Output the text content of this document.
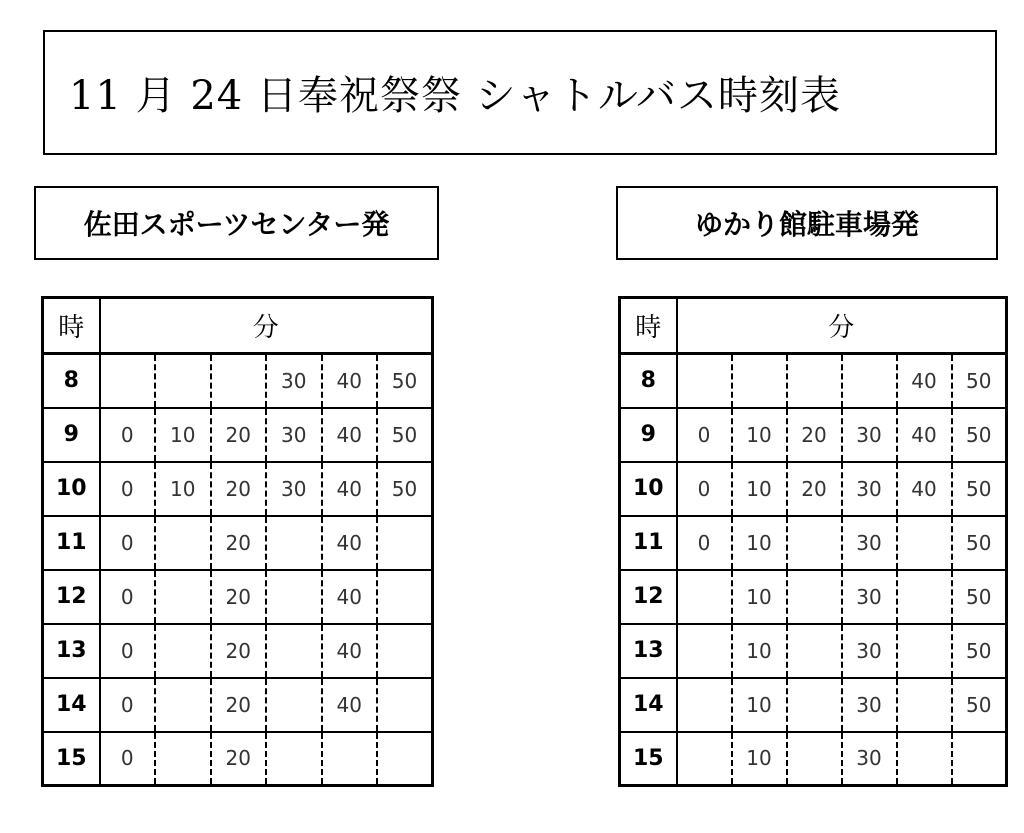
11 月 24 日奉祝祭祭 シャトルバス時刻表
佐田スポーツセンター発	ゆかり館駐車場発
時	分					
8				30	40	50
9	0	10	20	30	40	50
10	0	10	20	30	40	50
11	0		20		40	
12	0		20		40	
13	0		20		40	
14	0		20		40	
15	0		20			
時	分					
8					40	50
9	0	10	20	30	40	50
10	0	10	20	30	40	50
11	0	10		30		50
12		10		30		50
13		10		30		50
14		10		30		50
15		10		30		
